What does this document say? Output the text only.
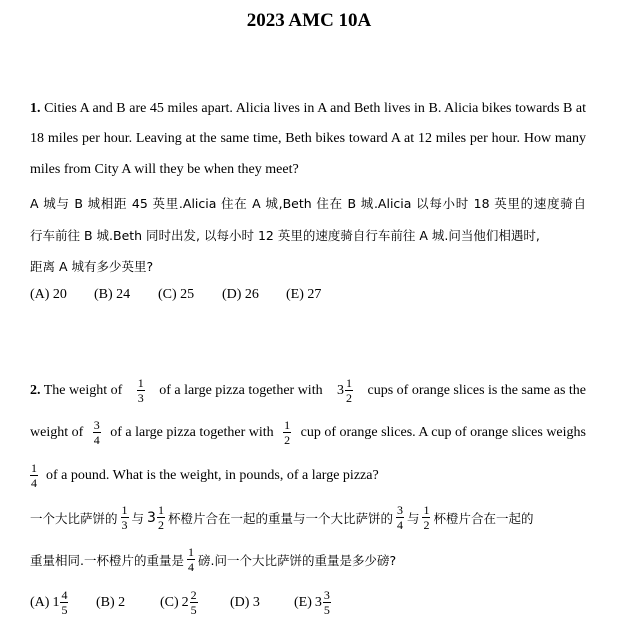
2023 AMC 10A
1. Cities A and B are 45 miles apart. Alicia lives in A and Beth lives in B. Alicia bikes towards B at
18 miles per hour. Leaving at the same time, Beth bikes toward A at 12 miles per hour. How many
miles from City A will they be when they meet?
A 城与 B 城相距 45 英里.Alicia 住在 A 城,Beth 住在 B 城.Alicia 以每小时 18 英里的速度骑自
行车前往 B 城.Beth 同时出发, 以每小时 12 英里的速度骑自行车前往 A 城.问当他们相遇时,
距离 A 城有多少英里?
(A) 20 (B) 24 (C) 25 (D) 26 (E) 27
2. The weight of $\frac{1}{3}$ of a large pizza together with $3 \frac{1}{2}$ cups of orange slices is the same as the
weight of $\frac{3}{4}$ of a large pizza together with $\frac{1}{2}$ cup of orange slices. A cup of orange slices weighs
$\frac{1}{4}$ of a pound. What is the weight, in pounds, of a large pizza?
一个大比萨饼的 $\frac{1}{3}$ 与 $3 \frac{1}{2}$ 杯橙片合在一起的重量与一个大比萨饼的 $\frac{3}{4}$ 与 $\frac{1}{2}$ 杯橙片合在一起的
重量相同.一杯橙片的重量是 $\frac{1}{4}$ 磅.问一个大比萨饼的重量是多少磅?
(A) $1 \frac{4}{5} (B)$ 2	(C) $2 \frac{2}{5} (D)$ 3	(E) $3 \frac{3}{5}$
